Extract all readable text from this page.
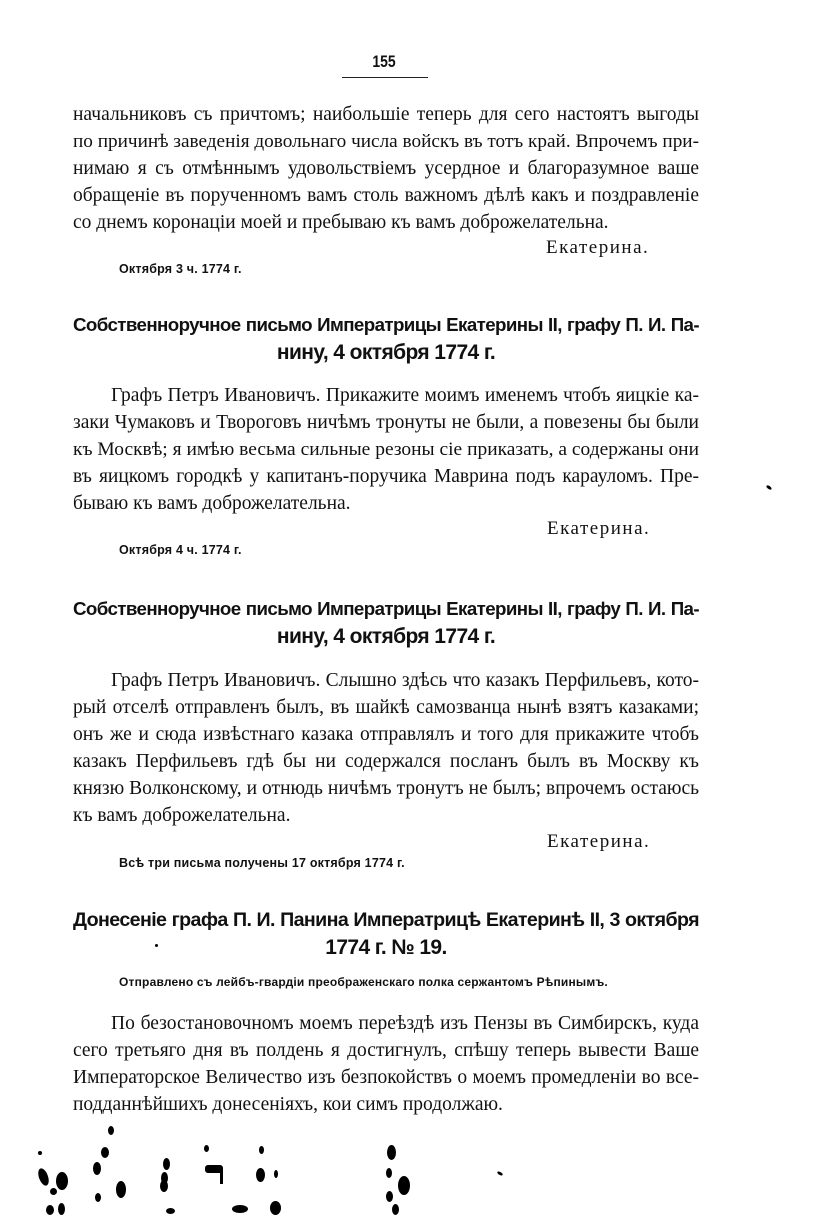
155
начальниковъ съ причтомъ; наибольшіе теперь для сего настоятъ выгоды
по причинѣ заведенія довольнаго числа войскъ въ тотъ край. Впрочемъ при-
нимаю я съ отмѣннымъ удовольствіемъ усердное и благоразумное ваше
обращеніе въ порученномъ вамъ столь важномъ дѣлѣ какъ и поздравленіе
со днемъ коронаціи моей и пребываю къ вамъ доброжелательна.
Екатерина.
Октября 3 ч. 1774 г.
Собственноручное письмо Императрицы Екатерины II, графу П. И. Па-
нину, 4 октября 1774 г.
Графъ Петръ Ивановичъ. Прикажите моимъ именемъ чтобъ яицкіе ка-
заки Чумаковъ и Твороговъ ничѣмъ тронуты не были, а повезены бы были
къ Москвѣ; я имѣю весьма сильные резоны сіе приказать, а содержаны они
въ яицкомъ городкѣ у капитанъ-поручика Маврина подъ карауломъ. Пре-
бываю къ вамъ доброжелательна.
Екатерина.
Октября 4 ч. 1774 г.
Собственноручное письмо Императрицы Екатерины II, графу П. И. Па-
нину, 4 октября 1774 г.
Графъ Петръ Ивановичъ. Слышно здѣсь что казакъ Перфильевъ, кото-
рый отселѣ отправленъ былъ, въ шайкѣ самозванца нынѣ взятъ казаками;
онъ же и сюда извѣстнаго казака отправлялъ и того для прикажите чтобъ
казакъ Перфильевъ гдѣ бы ни содержался посланъ былъ въ Москву къ
князю Волконскому, и отнюдь ничѣмъ тронутъ не былъ; впрочемъ остаюсь
къ вамъ доброжелательна.
Екатерина.
Всѣ три письма получены 17 октября 1774 г.
Донесеніе графа П. И. Панина Императрицѣ Екатеринѣ II, 3 октября
1774 г. № 19.
Отправлено съ лейбъ-гвардіи преображенскаго полка сержантомъ Рѣпинымъ.
По безостановочномъ моемъ переѣздѣ изъ Пензы въ Симбирскъ, куда
сего третьяго дня въ полдень я достигнулъ, спѣшу теперь вывести Ваше
Императорское Величество изъ безпокойствъ о моемъ промедленіи во все-
подданнѣйшихъ донесеніяхъ, кои симъ продолжаю.
